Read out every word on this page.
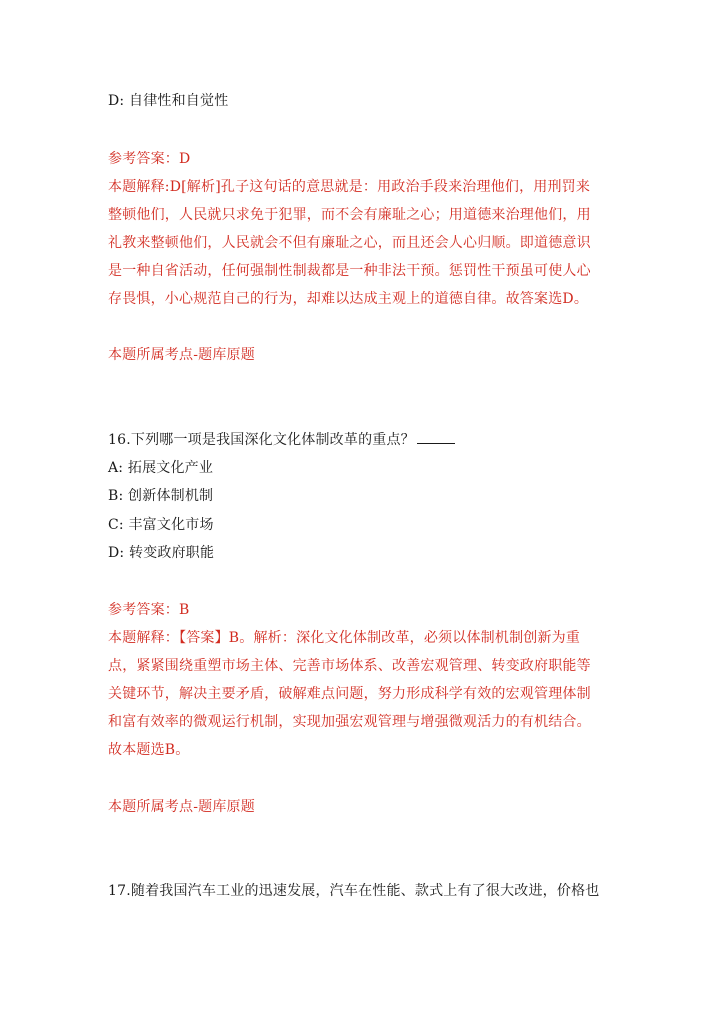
D: 自律性和自觉性
参考答案：D
本题解释:D[解析]孔子这句话的意思就是：用政治手段来治理他们，用刑罚来
整顿他们，人民就只求免于犯罪，而不会有廉耻之心；用道德来治理他们，用
礼教来整顿他们，人民就会不但有廉耻之心，而且还会人心归顺。即道德意识
是一种自省活动，任何强制性制裁都是一种非法干预。惩罚性干预虽可使人心
存畏惧，小心规范自己的行为，却难以达成主观上的道德自律。故答案选D。
本题所属考点-题库原题
16.下列哪一项是我国深化文化体制改革的重点？
A: 拓展文化产业
B: 创新体制机制
C: 丰富文化市场
D: 转变政府职能
参考答案：B
本题解释：【答案】B。解析：深化文化体制改革，必须以体制机制创新为重
点，紧紧围绕重塑市场主体、完善市场体系、改善宏观管理、转变政府职能等
关键环节，解决主要矛盾，破解难点问题，努力形成科学有效的宏观管理体制
和富有效率的微观运行机制，实现加强宏观管理与增强微观活力的有机结合。
故本题选B。
本题所属考点-题库原题
17.随着我国汽车工业的迅速发展，汽车在性能、款式上有了很大改进，价格也
